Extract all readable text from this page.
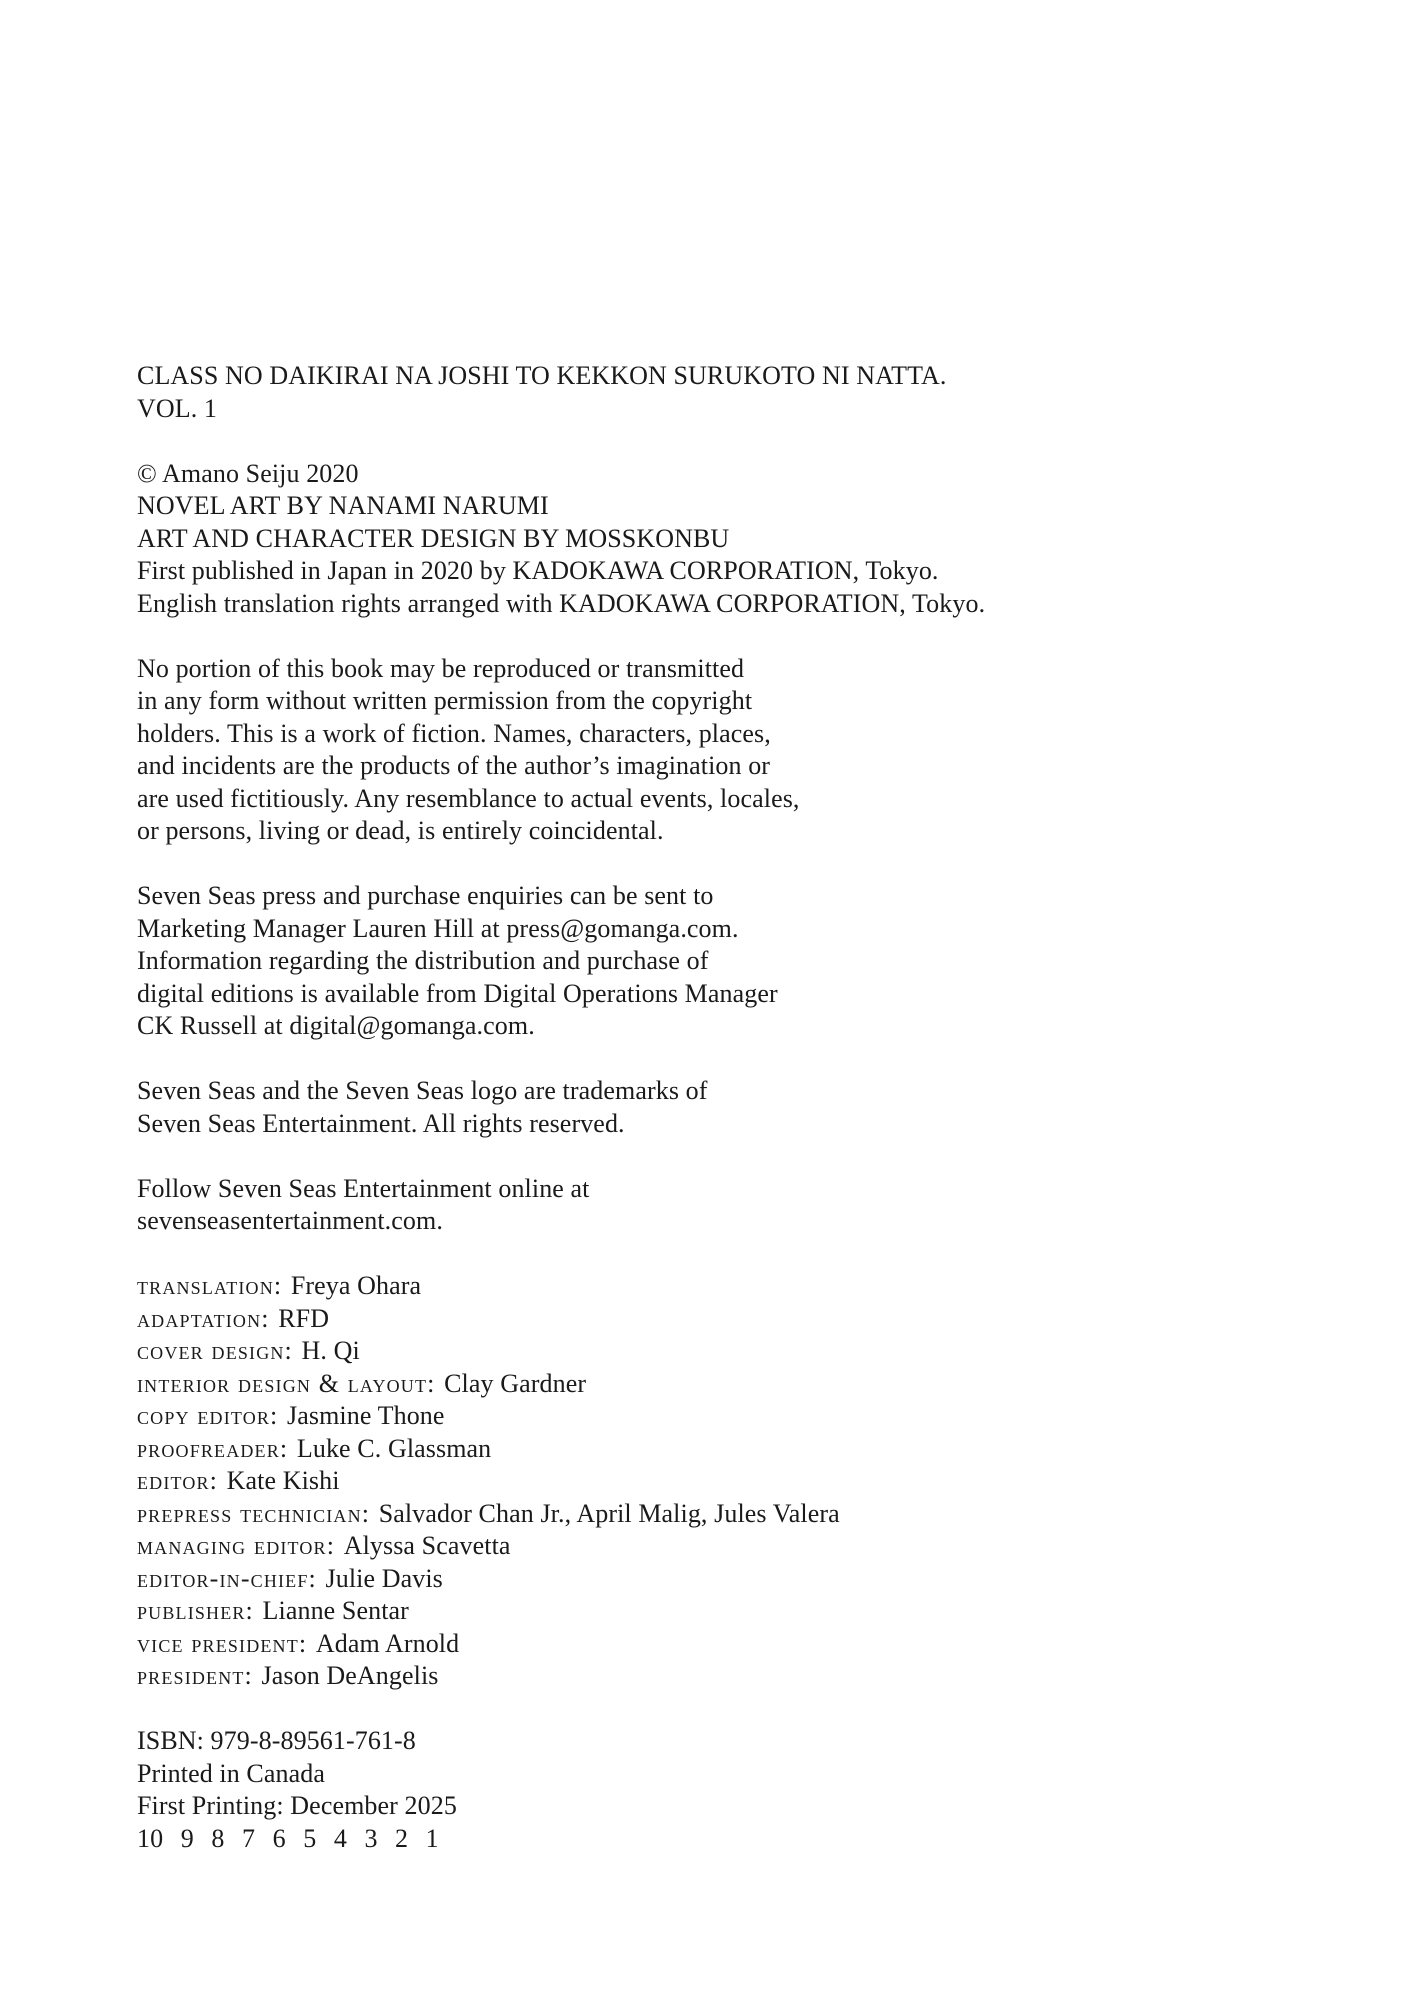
CLASS NO DAIKIRAI NA JOSHI TO KEKKON SURUKOTO NI NATTA.
VOL. 1
© Amano Seiju 2020
NOVEL ART BY NANAMI NARUMI
ART AND CHARACTER DESIGN BY MOSSKONBU
First published in Japan in 2020 by KADOKAWA CORPORATION, Tokyo.
English translation rights arranged with KADOKAWA CORPORATION, Tokyo.
No portion of this book may be reproduced or transmitted
in any form without written permission from the copyright
holders. This is a work of fiction. Names, characters, places,
and incidents are the products of the author’s imagination or
are used fictitiously. Any resemblance to actual events, locales,
or persons, living or dead, is entirely coincidental.
Seven Seas press and purchase enquiries can be sent to
Marketing Manager Lauren Hill at press@gomanga.com.
Information regarding the distribution and purchase of
digital editions is available from Digital Operations Manager
CK Russell at digital@gomanga.com.
Seven Seas and the Seven Seas logo are trademarks of
Seven Seas Entertainment. All rights reserved.
Follow Seven Seas Entertainment online at
sevenseasentertainment.com.
translation: Freya Ohara
adaptation: RFD
cover design: H. Qi
interior design & layout: Clay Gardner
copy editor: Jasmine Thone
proofreader: Luke C. Glassman
editor: Kate Kishi
prepress technician: Salvador Chan Jr., April Malig, Jules Valera
managing editor: Alyssa Scavetta
editor-in-chief: Julie Davis
publisher: Lianne Sentar
vice president: Adam Arnold
president: Jason DeAngelis
ISBN: 979-8-89561-761-8
Printed in Canada
First Printing: December 2025
10 9 8 7 6 5 4 3 2 1
